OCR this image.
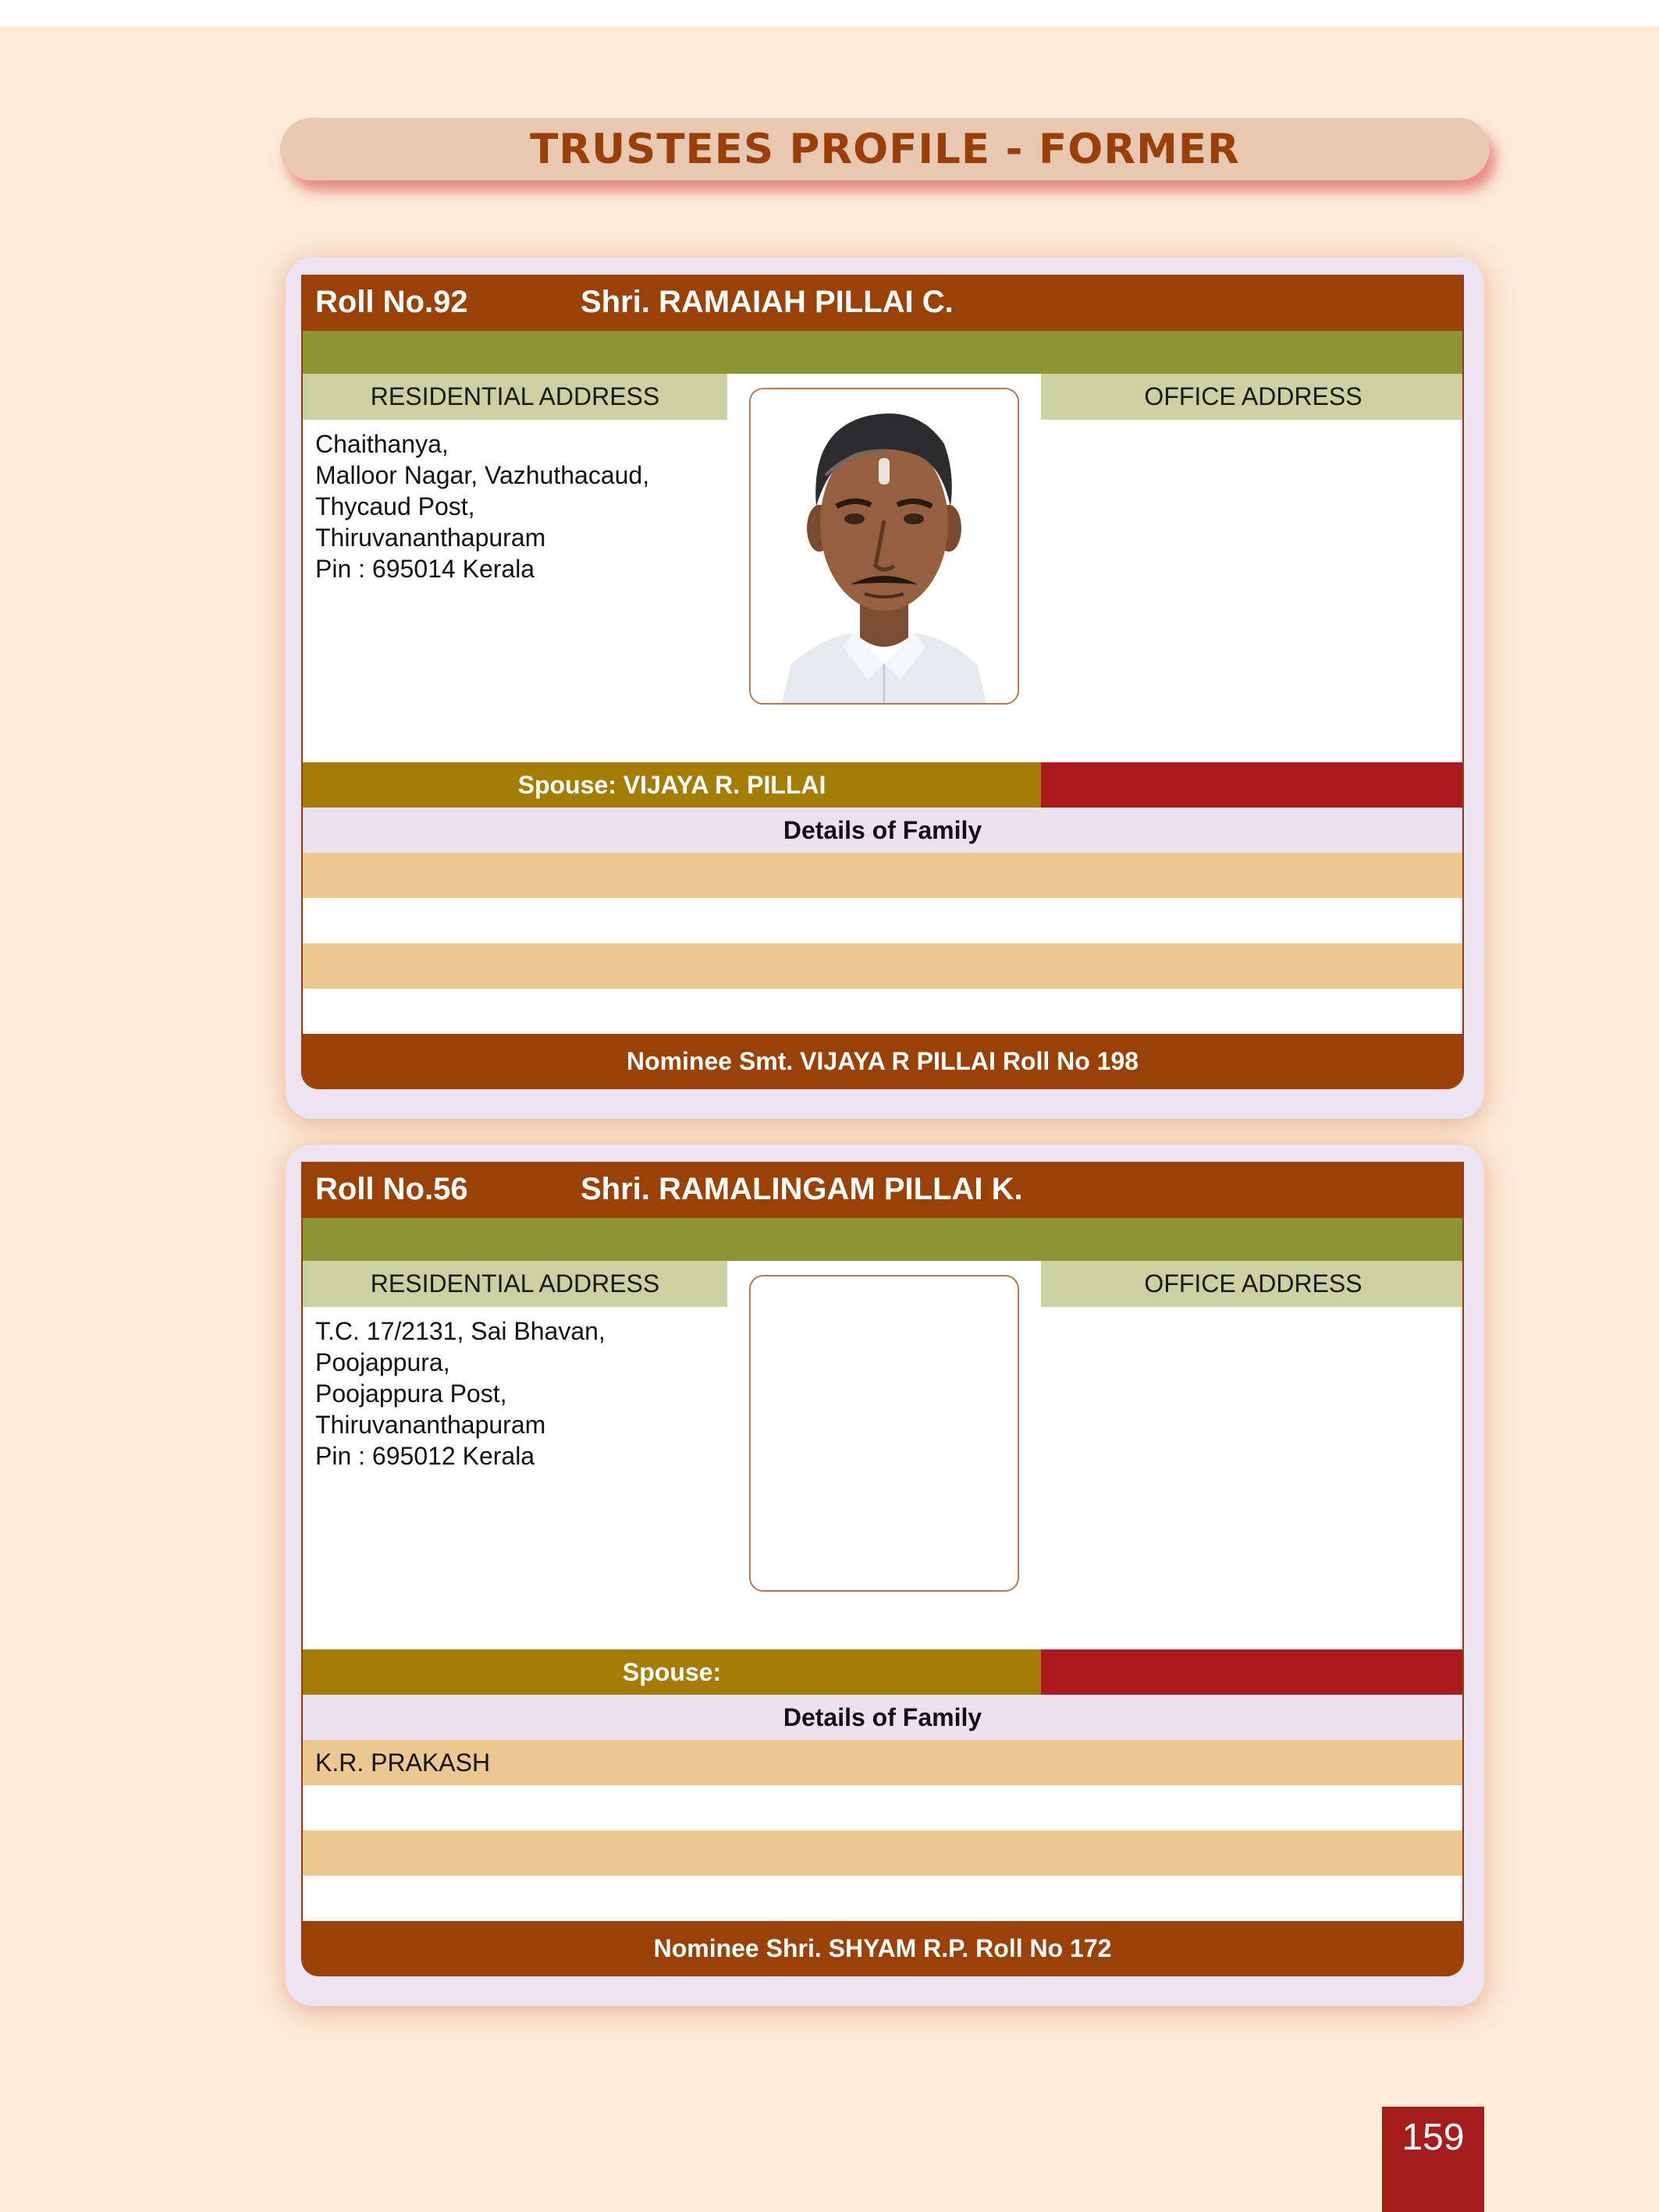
TRUSTEES PROFILE - FORMER
Roll No.92	Shri. RAMAIAH PILLAI C.
RESIDENTIAL ADDRESS	OFFICE ADDRESS
Chaithanya,
Malloor Nagar, Vazhuthacaud,
Thycaud Post,
Thiruvananthapuram
Pin : 695014 Kerala
Spouse: VIJAYA R. PILLAI
Details of Family
Nominee Smt. VIJAYA R PILLAI Roll No 198
Roll No.56	Shri. RAMALINGAM PILLAI K.
RESIDENTIAL ADDRESS	OFFICE ADDRESS
T.C. 17/2131, Sai Bhavan,
Poojappura,
Poojappura Post,
Thiruvananthapuram
Pin : 695012 Kerala
Spouse:
Details of Family
K.R. PRAKASH
Nominee Shri. SHYAM R.P. Roll No 172
159
